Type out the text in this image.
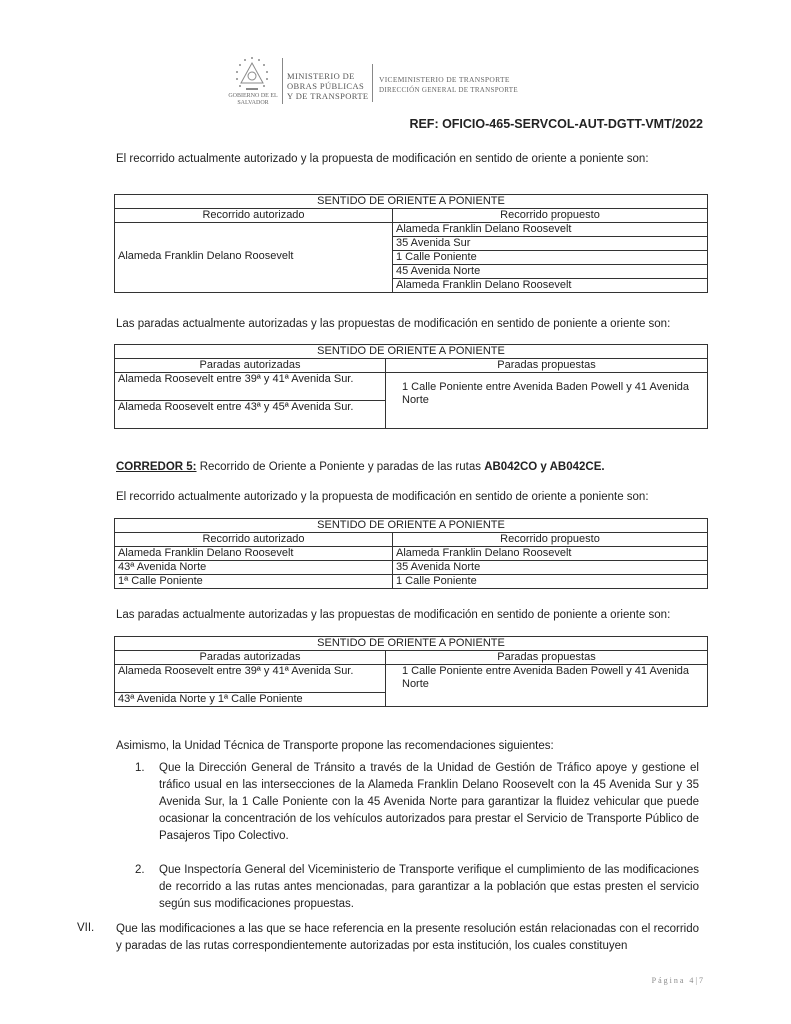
GOBIERNO DE EL SALVADOR
MINISTERIO DE
OBRAS PÚBLICAS
Y DE TRANSPORTE
VICEMINISTERIO DE TRANSPORTE
DIRECCIÓN GENERAL DE TRANSPORTE
REF: OFICIO-465-SERVCOL-AUT-DGTT-VMT/2022
El recorrido actualmente autorizado y la propuesta de modificación en sentido de oriente a poniente son:
SENTIDO DE ORIENTE A PONIENTE	
Recorrido autorizado	Recorrido propuesto
Alameda Franklin Delano Roosevelt	Alameda Franklin Delano Roosevelt
	35 Avenida Sur
	1 Calle Poniente
	45 Avenida Norte
	Alameda Franklin Delano Roosevelt
Las paradas actualmente autorizadas y las propuestas de modificación en sentido de poniente a oriente son:
SENTIDO DE ORIENTE A PONIENTE	
Paradas autorizadas	Paradas propuestas
Alameda Roosevelt entre 39ª y 41ª Avenida Sur.	1 Calle Poniente entre Avenida Baden Powell y 41 Avenida Norte
Alameda Roosevelt entre 43ª y 45ª Avenida Sur.	
CORREDOR 5: Recorrido de Oriente a Poniente y paradas de las rutas AB042CO y AB042CE.
El recorrido actualmente autorizado y la propuesta de modificación en sentido de oriente a poniente son:
SENTIDO DE ORIENTE A PONIENTE	
Recorrido autorizado	Recorrido propuesto
Alameda Franklin Delano Roosevelt	Alameda Franklin Delano Roosevelt
43ª Avenida Norte	35 Avenida Norte
1ª Calle Poniente	1 Calle Poniente
Las paradas actualmente autorizadas y las propuestas de modificación en sentido de poniente a oriente son:
SENTIDO DE ORIENTE A PONIENTE	
Paradas autorizadas	Paradas propuestas
Alameda Roosevelt entre 39ª y 41ª Avenida Sur.	1 Calle Poniente entre Avenida Baden Powell y 41 Avenida Norte
43ª Avenida Norte y 1ª Calle Poniente	
Asimismo, la Unidad Técnica de Transporte propone las recomendaciones siguientes:
1. Que la Dirección General de Tránsito a través de la Unidad de Gestión de Tráfico apoye y gestione el tráfico usual en las intersecciones de la Alameda Franklin Delano Roosevelt con la 45 Avenida Sur y 35 Avenida Sur, la 1 Calle Poniente con la 45 Avenida Norte para garantizar la fluidez vehicular que puede ocasionar la concentración de los vehículos autorizados para prestar el Servicio de Transporte Público de Pasajeros Tipo Colectivo.
2. Que Inspectoría General del Viceministerio de Transporte verifique el cumplimiento de las modificaciones de recorrido a las rutas antes mencionadas, para garantizar a la población que estas presten el servicio según sus modificaciones propuestas.
VII. Que las modificaciones a las que se hace referencia en la presente resolución están relacionadas con el recorrido y paradas de las rutas correspondientemente autorizadas por esta institución, los cuales constituyen
Página 4|7
